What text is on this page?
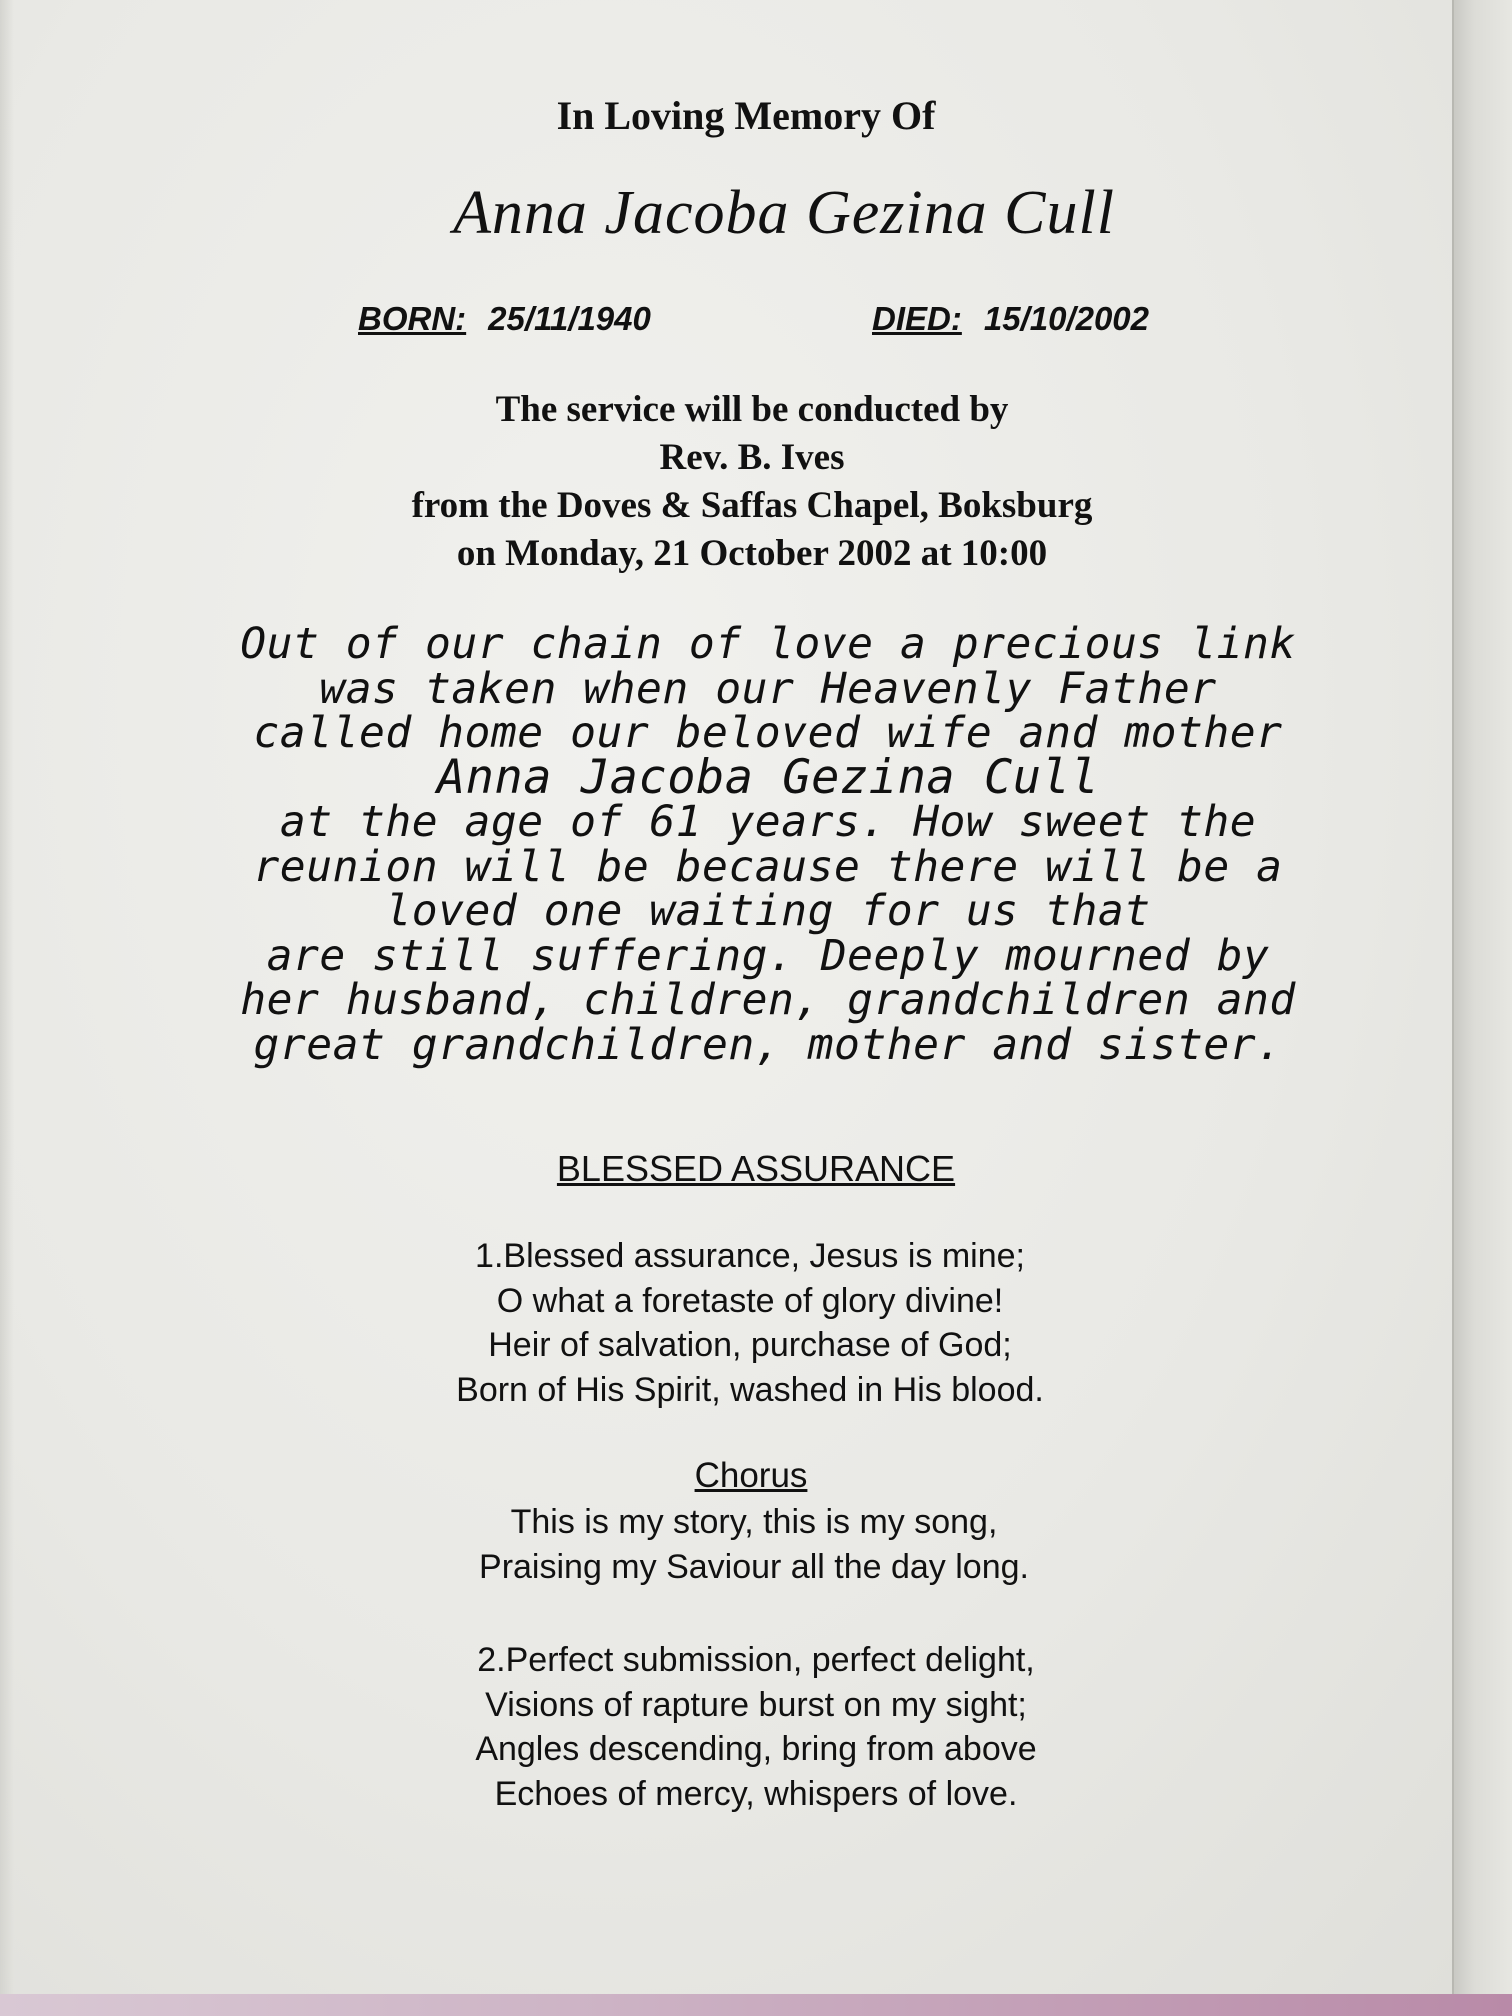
In Loving Memory Of
Anna Jacoba Gezina Cull
BORN: 25/11/1940	DIED: 15/10/2002
The service will be conducted by
Rev. B. Ives
from the Doves & Saffas Chapel, Boksburg
on Monday, 21 October 2002 at 10:00
Out of our chain of love a precious link
was taken when our Heavenly Father
called home our beloved wife and mother
Anna Jacoba Gezina Cull
at the age of 61 years. How sweet the
reunion will be because there will be a
loved one waiting for us that
are still suffering. Deeply mourned by
her husband, children, grandchildren and
great grandchildren, mother and sister.
BLESSED ASSURANCE
1.Blessed assurance, Jesus is mine;
O what a foretaste of glory divine!
Heir of salvation, purchase of God;
Born of His Spirit, washed in His blood.
Chorus
This is my story, this is my song,
Praising my Saviour all the day long.
2.Perfect submission, perfect delight,
Visions of rapture burst on my sight;
Angles descending, bring from above
Echoes of mercy, whispers of love.
